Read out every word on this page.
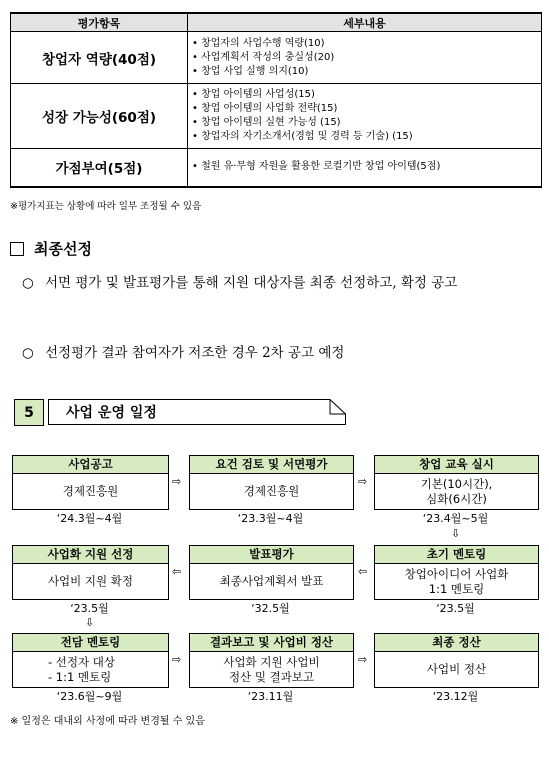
평가항목	세부내용
창업자 역량(40점)	• 창업자의 사업수행 역량(10)
• 사업계획서 작성의 충실성(20)
• 창업 사업 실행 의지(10)

성장 가능성(60점)	• 창업 아이템의 사업성(15)
• 창업 아이템의 사업화 전략(15)
• 창업 아이템의 실현 가능성 (15)
• 창업자의 자기소개서(경험 및 경력 등 기술) (15)

가점부여(5점)	• 철원 유·무형 자원을 활용한 로컬기반 창업 아이템(5점)
※평가지표는 상황에 따라 일부 조정될 수 있음
최종선정
○ 서면 평가 및 발표평가를 통해 지원 대상자를 최종 선정하고, 확정 공고
○ 선정평가 결과 참여자가 저조한 경우 2차 공고 예정
5	사업 운영 일정
사업공고
경제진흥원
‘24.3월~4월
요건 검토 및 서면평가
경제진흥원
‘23.3월~4월
창업 교육 실시
기본(10시간),
심화(6시간)
‘23.4월~5월
사업화 지원 선정
사업비 지원 확정
‘23.5월
발표평가
최종사업계획서 발표
‘32.5월
초기 멘토링
창업아이디어 사업화
1:1 멘토링
‘23.5월
전담 멘토링
- 선정자 대상
- 1:1 멘토링
‘23.6월~9월
결과보고 및 사업비 정산
사업화 지원 사업비
정산 및 결과보고
‘23.11월
최종 정산
사업비 정산
‘23.12월
⇨	⇨
⇩
⇦
⇦
⇩
⇨	⇨
※ 일정은 대내외 사정에 따라 변경될 수 있음
